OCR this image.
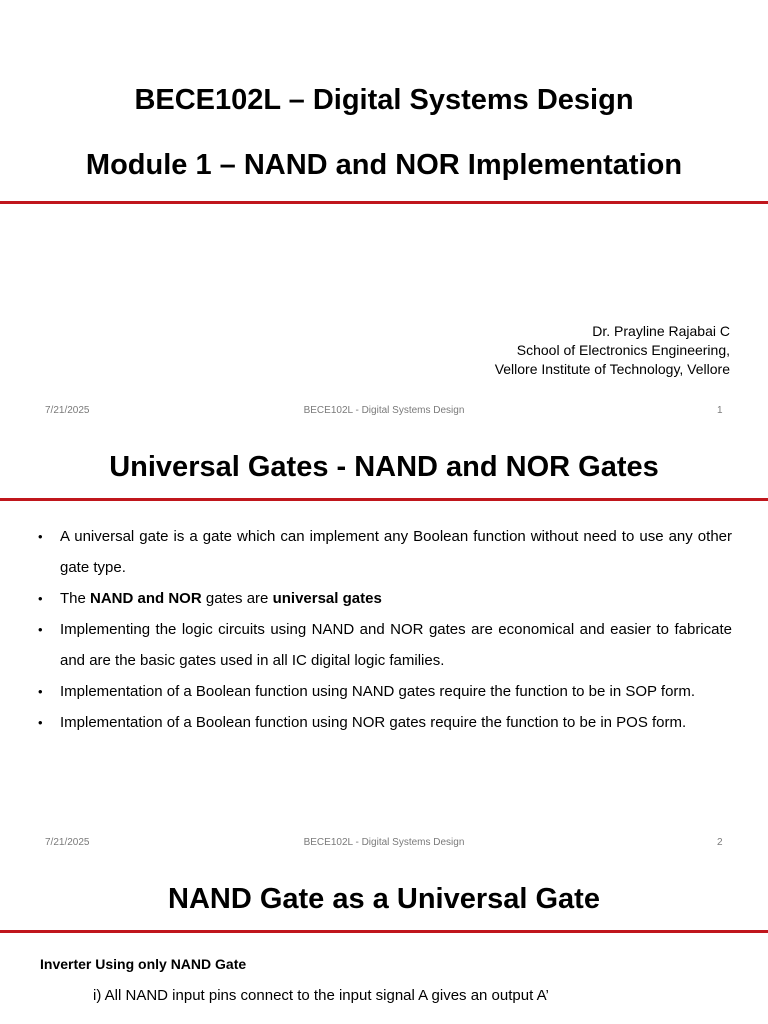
BECE102L – Digital Systems Design
Module 1 – NAND and NOR Implementation
Dr. Prayline Rajabai C
School of Electronics Engineering,
Vellore Institute of Technology, Vellore
7/21/2025	BECE102L - Digital Systems Design	1
Universal Gates - NAND and NOR Gates
• A universal gate is a gate which can implement any Boolean function without need to use any other gate type.
• The NAND and NOR gates are universal gates
• Implementing the logic circuits using NAND and NOR gates are economical and easier to fabricate and are the basic gates used in all IC digital logic families.
• Implementation of a Boolean function using NAND gates require the function to be in SOP form.
• Implementation of a Boolean function using NOR gates require the function to be in POS form.
7/21/2025	BECE102L - Digital Systems Design	2
NAND Gate as a Universal Gate
Inverter Using only NAND Gate
i) All NAND input pins connect to the input signal A gives an output A’
